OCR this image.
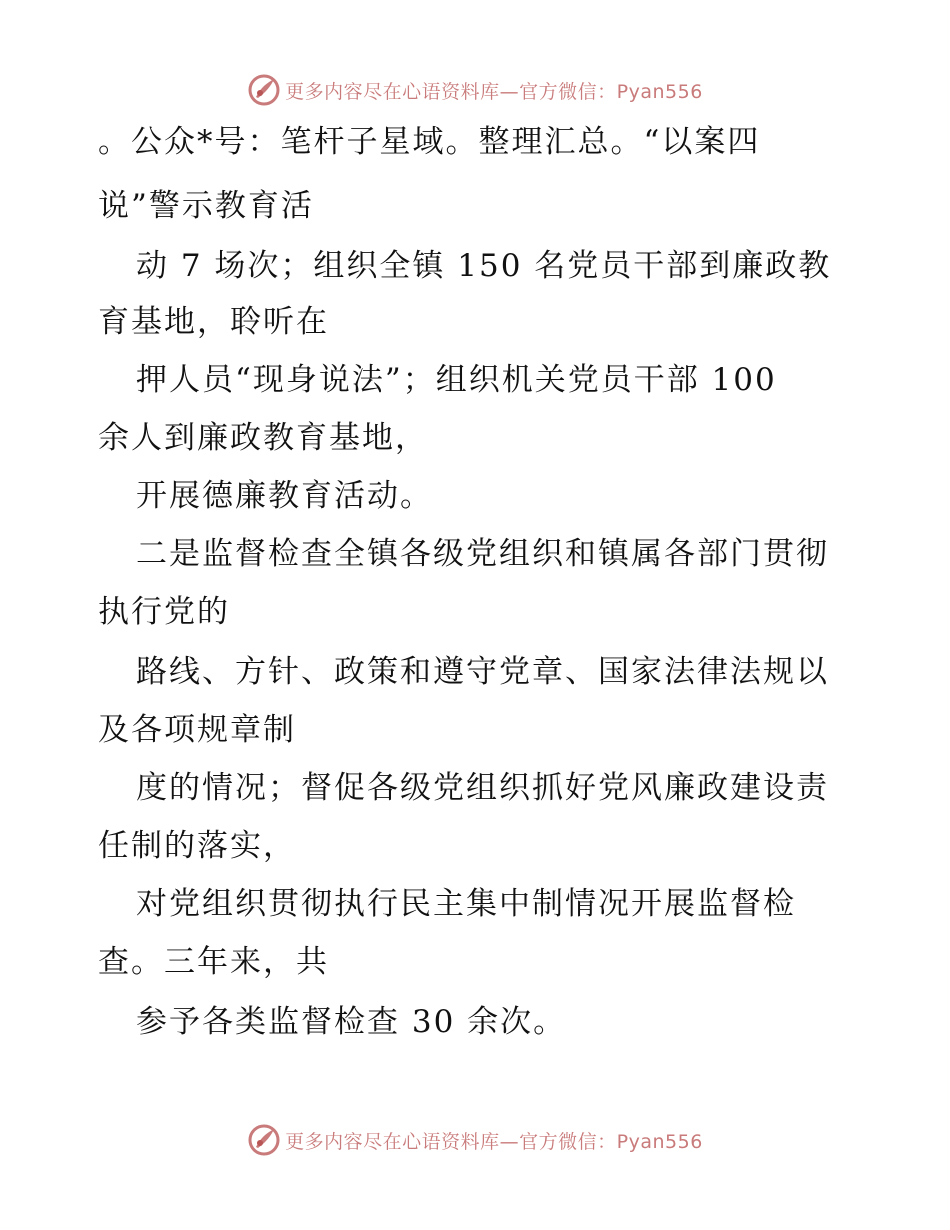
更多内容尽在心语资料库—官方微信：Pyan556
。公众*号：笔杆子星域。整理汇总。“以案四
说”警示教育活
动 7 场次；组织全镇 150 名党员干部到廉政教
育基地，聆听在
押人员“现身说法”；组织机关党员干部 100
余人到廉政教育基地，
开展德廉教育活动。
二是监督检查全镇各级党组织和镇属各部门贯彻
执行党的
路线、方针、政策和遵守党章、国家法律法规以
及各项规章制
度的情况；督促各级党组织抓好党风廉政建设责
任制的落实，
对党组织贯彻执行民主集中制情况开展监督检
查。三年来，共
参予各类监督检查 30 余次。
更多内容尽在心语资料库—官方微信：Pyan556
